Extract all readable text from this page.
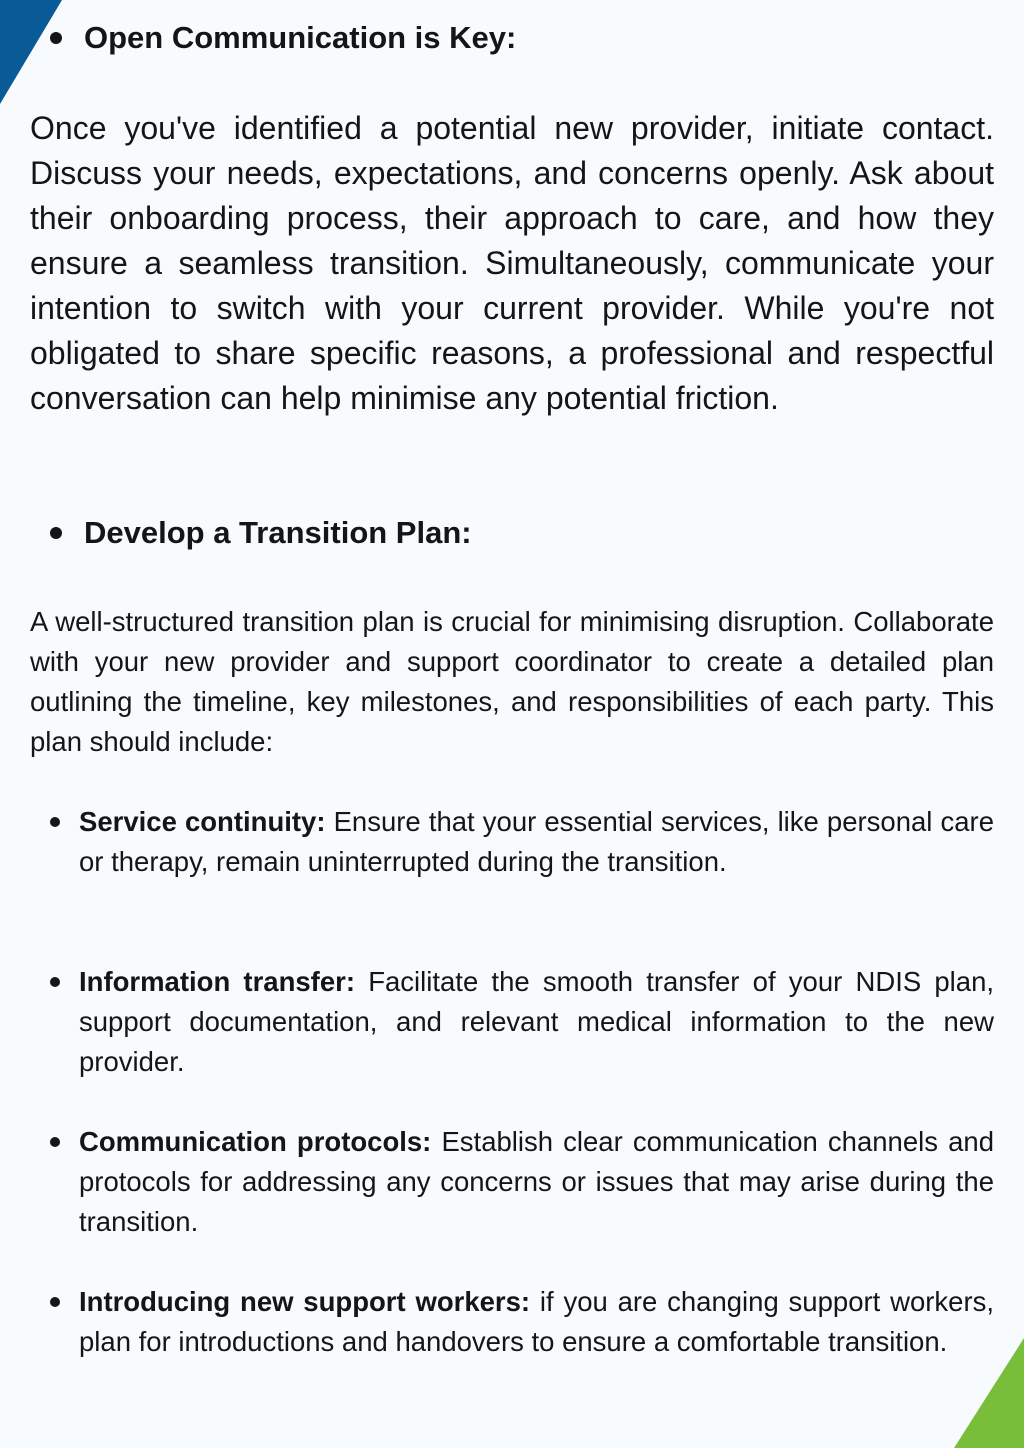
Open Communication is Key:

Once you've identified a potential new provider, initiate contact. Discuss your needs, expectations, and concerns openly. Ask about their onboarding process, their approach to care, and how they ensure a seamless transition. Simultaneously, communicate your intention to switch with your current provider. While you're not obligated to share specific reasons, a professional and respectful conversation can help minimise any potential friction.

Develop a Transition Plan:

A well-structured transition plan is crucial for minimising disruption. Collaborate with your new provider and support coordinator to create a detailed plan outlining the timeline, key milestones, and responsibilities of each party. This plan should include:

Service continuity: Ensure that your essential services, like personal care or therapy, remain uninterrupted during the transition.

Information transfer: Facilitate the smooth transfer of your NDIS plan, support documentation, and relevant medical information to the new provider.

Communication protocols: Establish clear communication channels and protocols for addressing any concerns or issues that may arise during the transition.

Introducing new support workers: if you are changing support workers, plan for introductions and handovers to ensure a comfortable transition.
